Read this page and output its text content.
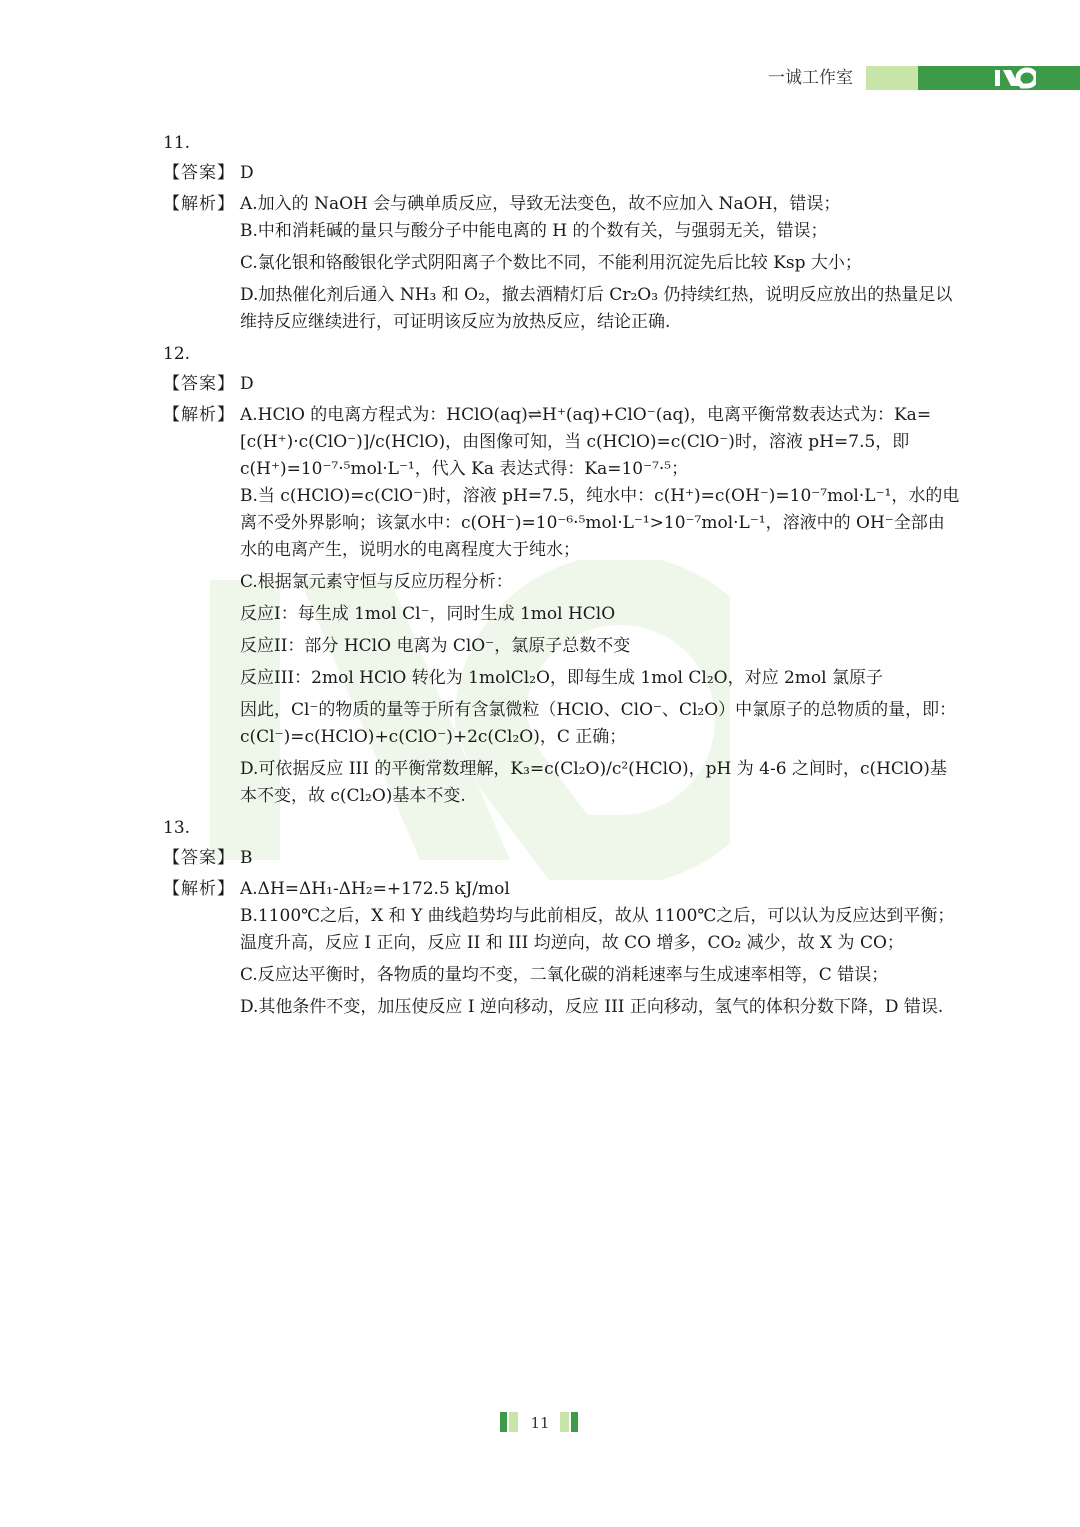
一诚工作室
11.
【答案】 D
【解析】 A.加入的 NaOH 会与碘单质反应，导致无法变色，故不应加入 NaOH，错误；
B.中和消耗碱的量只与酸分子中能电离的 H 的个数有关，与强弱无关，错误；
C.氯化银和铬酸银化学式阴阳离子个数比不同，不能利用沉淀先后比较 Ksp 大小；
D.加热催化剂后通入 NH₃ 和 O₂，撤去酒精灯后 Cr₂O₃ 仍持续红热，说明反应放出的热量足以维持反应继续进行，可证明该反应为放热反应，结论正确.
12.
【答案】 D
【解析】 A.HClO 的电离方程式为：HClO(aq)⇌H⁺(aq)+ClO⁻(aq)，电离平衡常数表达式为：Ka=[c(H⁺)·c(ClO⁻)]/c(HClO)，由图像可知，当 c(HClO)=c(ClO⁻)时，溶液 pH=7.5，即 c(H⁺)=10⁻⁷·⁵mol·L⁻¹，代入 Ka 表达式得：Ka=10⁻⁷·⁵；
B.当 c(HClO)=c(ClO⁻)时，溶液 pH=7.5，纯水中：c(H⁺)=c(OH⁻)=10⁻⁷mol·L⁻¹，水的电离不受外界影响；该氯水中：c(OH⁻)=10⁻⁶·⁵mol·L⁻¹>10⁻⁷mol·L⁻¹，溶液中的 OH⁻全部由水的电离产生，说明水的电离程度大于纯水；
C.根据氯元素守恒与反应历程分析：
反应I：每生成 1mol Cl⁻，同时生成 1mol HClO
反应II：部分 HClO 电离为 ClO⁻，氯原子总数不变
反应III：2mol HClO 转化为 1molCl₂O，即每生成 1mol Cl₂O，对应 2mol 氯原子
因此，Cl⁻的物质的量等于所有含氯微粒（HClO、ClO⁻、Cl₂O）中氯原子的总物质的量，即：c(Cl⁻)=c(HClO)+c(ClO⁻)+2c(Cl₂O)，C 正确；
D.可依据反应 III 的平衡常数理解，K₃=c(Cl₂O)/c²(HClO)，pH 为 4-6 之间时，c(HClO)基本不变，故 c(Cl₂O)基本不变.
13.
【答案】 B
【解析】 A.ΔH=ΔH₁-ΔH₂=+172.5 kJ/mol
B.1100℃之后，X 和 Y 曲线趋势均与此前相反，故从 1100℃之后，可以认为反应达到平衡；温度升高，反应 I 正向，反应 II 和 III 均逆向，故 CO 增多，CO₂ 减少，故 X 为 CO；
C.反应达平衡时，各物质的量均不变，二氧化碳的消耗速率与生成速率相等，C 错误；
D.其他条件不变，加压使反应 I 逆向移动，反应 III 正向移动，氢气的体积分数下降，D 错误.
11
